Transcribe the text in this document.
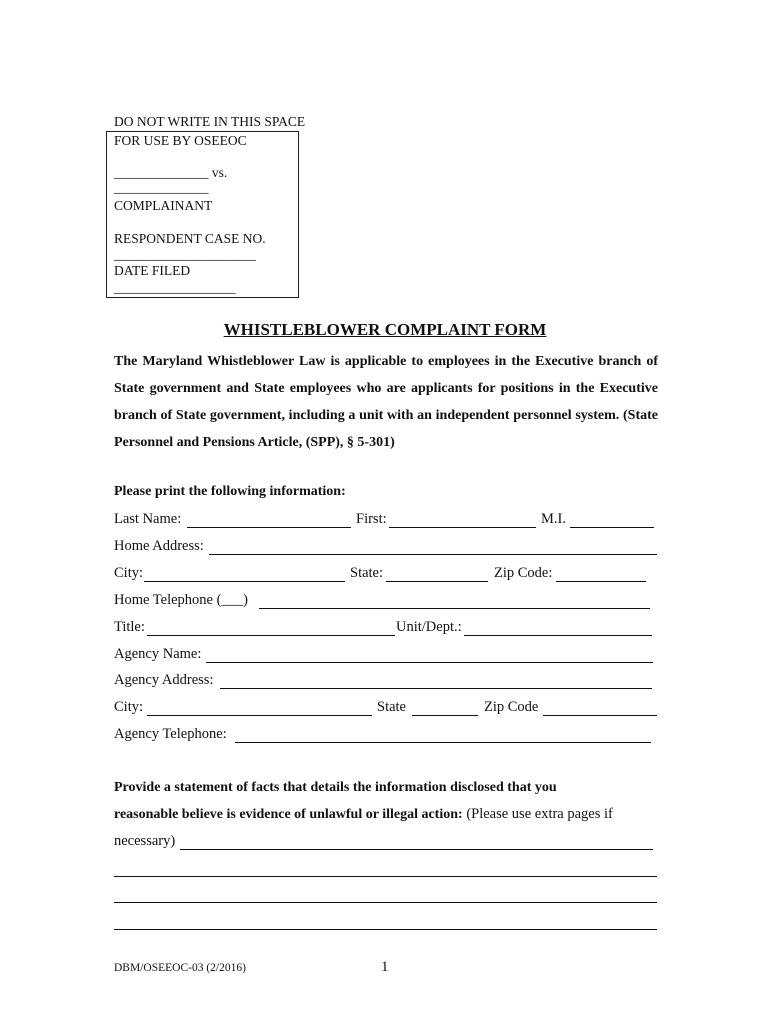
DO NOT WRITE IN THIS SPACE
FOR USE BY OSEEOC
______________ vs.
______________
COMPLAINANT
RESPONDENT CASE NO.
_____________________
DATE FILED
__________________
WHISTLEBLOWER COMPLAINT FORM
The Maryland Whistleblower Law is applicable to employees in the Executive branch of State government and State employees who are applicants for positions in the Executive branch of State government, including a unit with an independent personnel system. (State Personnel and Pensions Article, (SPP), § 5-301)
Please print the following information:
Last Name:	First:	M.I.
Home Address:
City:	State:	Zip Code:
Home Telephone (___)
Title:	Unit/Dept.:
Agency Name:
Agency Address:
City:	State	Zip Code
Agency Telephone:
Provide a statement of facts that details the information disclosed that you
reasonable believe is evidence of unlawful or illegal action: (Please use extra pages if
necessary)
DBM/OSEEOC-03 (2/2016)	1
